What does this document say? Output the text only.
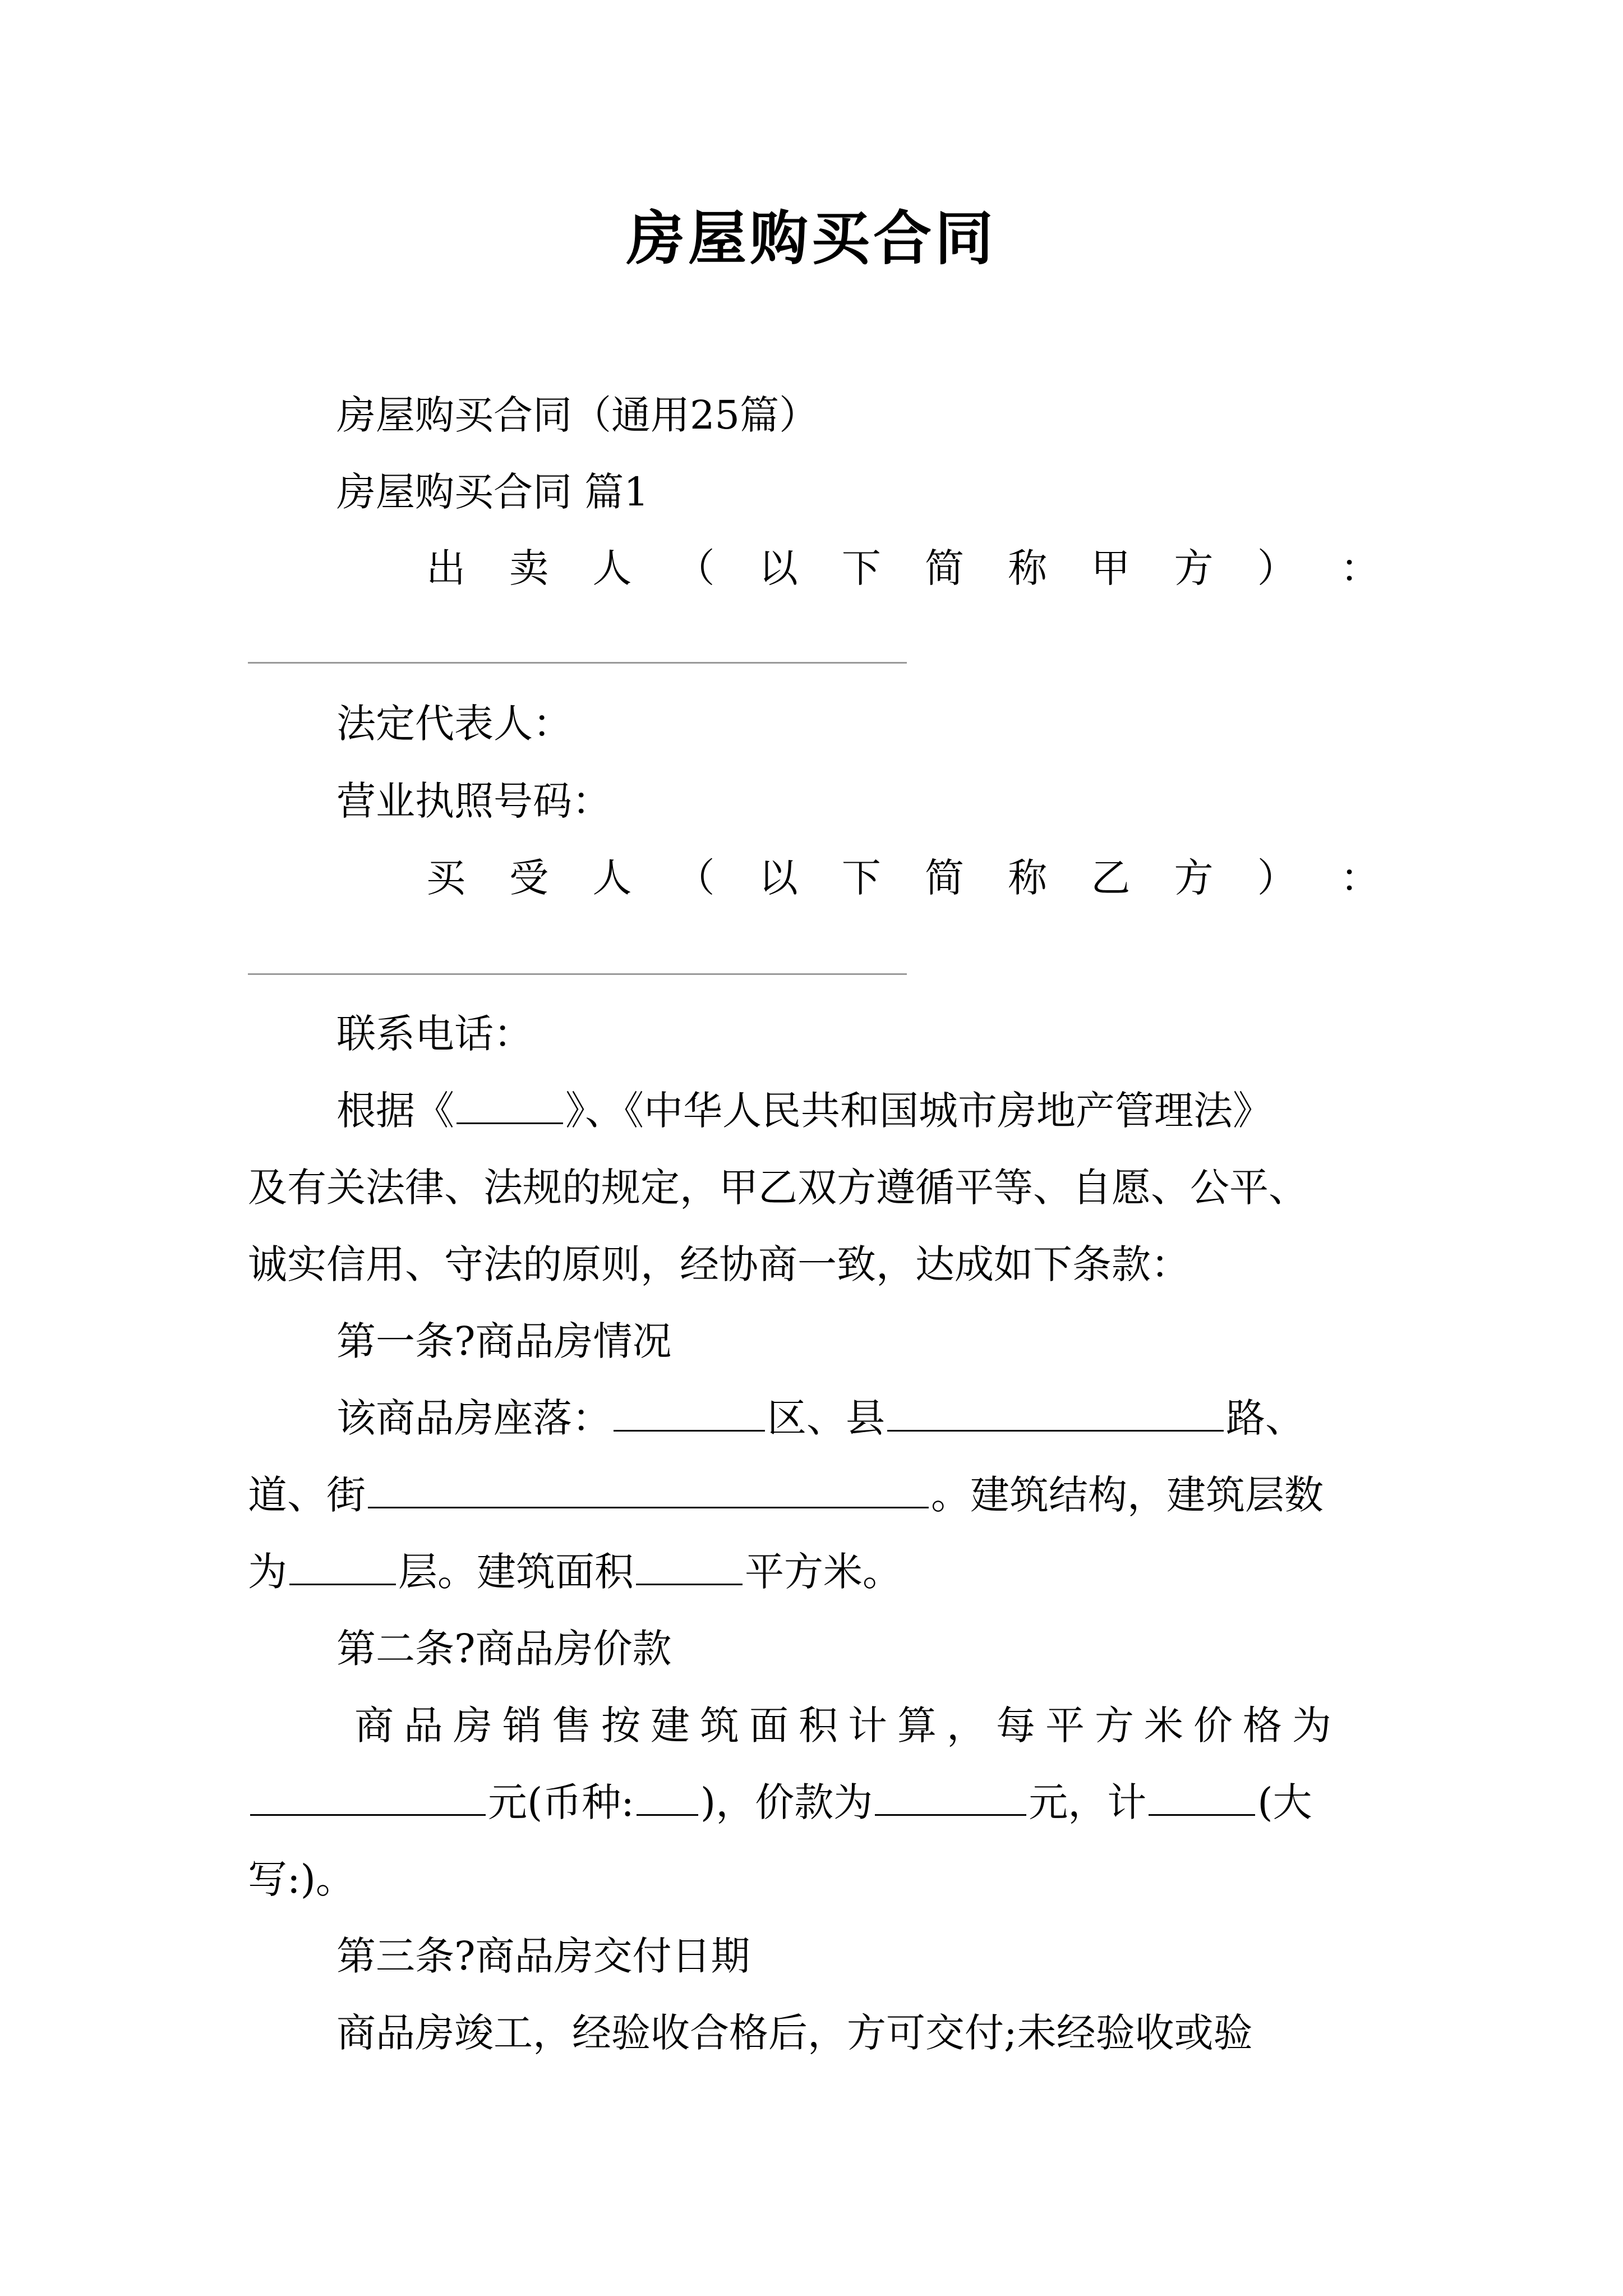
房屋购买合同
房屋购买合同（通用25篇）
房屋购买合同 篇1
出 卖 人 （ 以 下 简 称 甲 方 ） ：
法定代表人：
营业执照号码：
买 受 人 （ 以 下 简 称 乙 方 ） ：
联系电话：
根据《	》、《中华人民共和国城市房地产管理法》
及有关法律、法规的规定，甲乙双方遵循平等、自愿、公平、
诚实信用、守法的原则，经协商一致，达成如下条款：
第一条?商品房情况
该商品房座落：	区、县	路、
道、街	。建筑结构，建筑层数
为	层。建筑面积	平方米。
第二条?商品房价款
商品房销售按建筑面积计算，每平方米价格为
元(币种: )，价款为	元，计	(大
写:)。
第三条?商品房交付日期
商品房竣工，经验收合格后，方可交付;未经验收或验
